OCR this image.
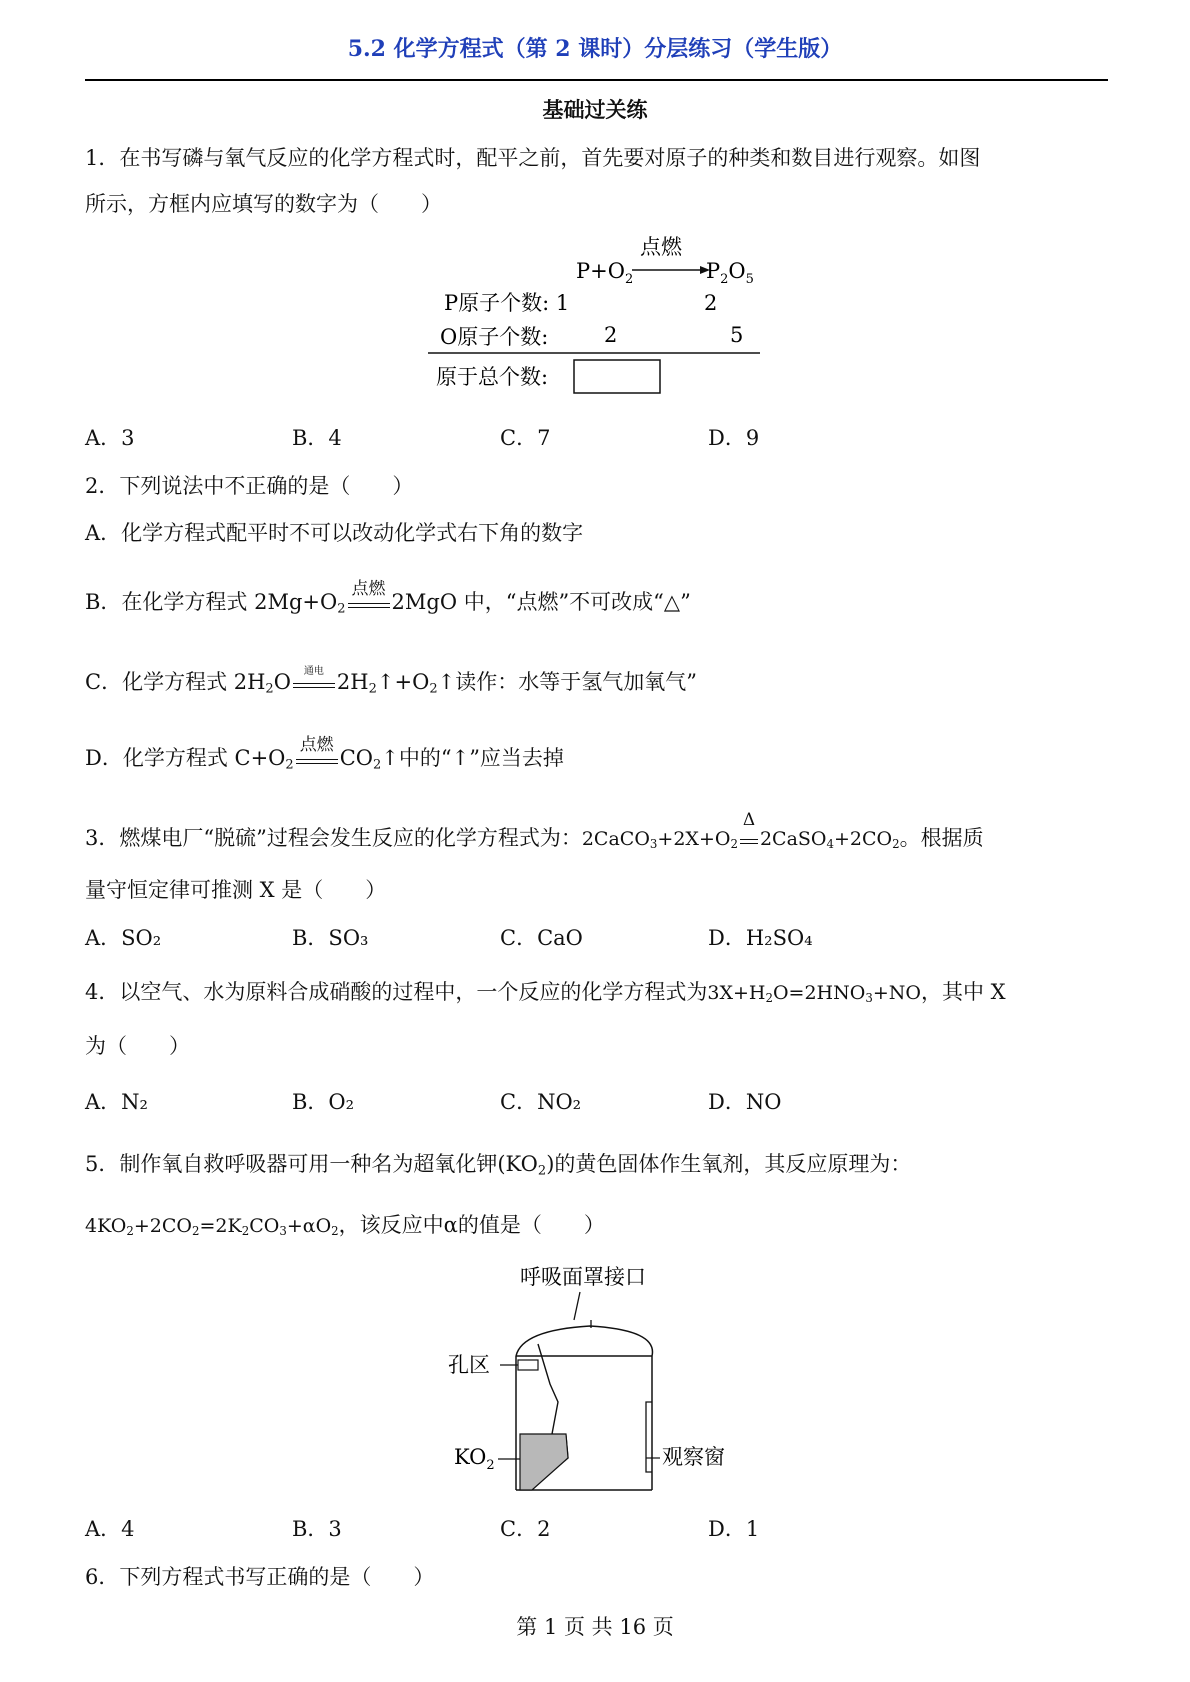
5.2 化学方程式（第 2 课时）分层练习（学生版）
基础过关练
1．在书写磷与氧气反应的化学方程式时，配平之前，首先要对原子的种类和数目进行观察。如图
所示，方框内应填写的数字为（　　）
点燃
$P+O_2$	$P_2O_5$
P原子个数: 1	2
O原子个数:	2	5
原于总个数:
A．3	B．4	C．7	D．9
2．下列说法中不正确的是（　　）
A．化学方程式配平时不可以改动化学式右下角的数字
B．在化学方程式 $2Mg+O_2$
点燃
2MgO 中，“点燃”不可改成“△”
C．化学方程式 $2H_2O$	通电 $2H_2↑+O_2↑$读作：水等于氢气加氧气”
D．化学方程式 $C+O_2$
点燃
$CO_2↑$中的“↑”应当去掉
3．燃煤电厂“脱硫”过程会发生反应的化学方程式为：$2CaCO_3+2X+O_2$
Δ
$2CaSO_4+2CO_2$。根据质
量守恒定律可推测 X 是（　　）
A．SO₂	B．SO₃	C．CaO	D．H₂SO₄
4．以空气、水为原料合成硝酸的过程中，一个反应的化学方程式为$3X+H_2O=2HNO_3+NO$，其中 X
为（　　）
A．N₂	B．O₂	C．NO₂	D．NO
5．制作氧自救呼吸器可用一种名为超氧化钾$(KO_2)$的黄色固体作生氧剂，其反应原理为：
$4KO_2+2CO_2=2K_2CO_3+\alpha O_2$，该反应中α的值是（　　）
呼吸面罩接口
孔区
$KO_2$	观察窗
A．4	B．3	C．2	D．1
6．下列方程式书写正确的是（　　）
第 1 页 共 16 页
